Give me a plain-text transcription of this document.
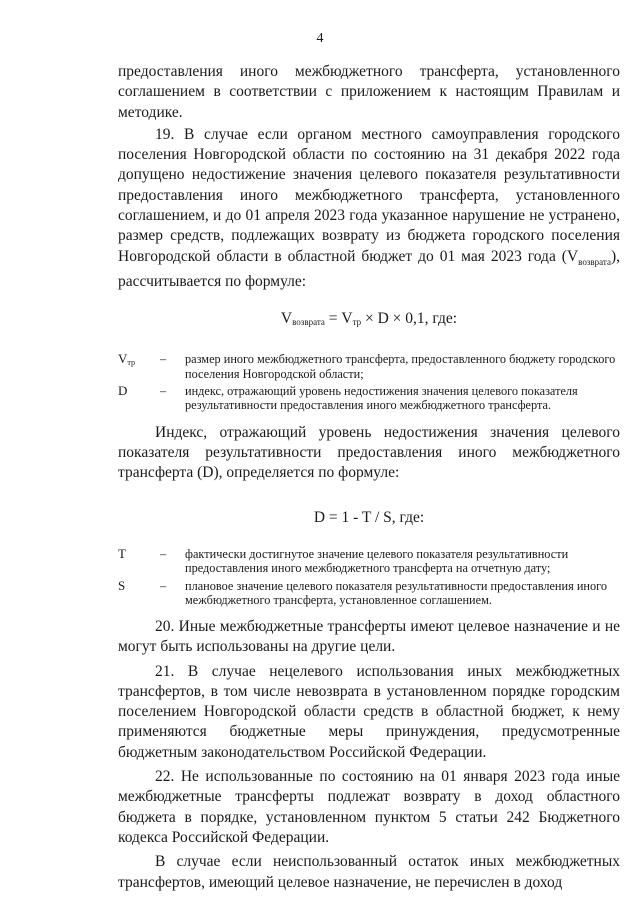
4

предоставления иного межбюджетного трансферта, установленного соглашением в соответствии с приложением к настоящим Правилам и методике.

19. В случае если органом местного самоуправления городского поселения Новгородской области по состоянию на 31 декабря 2022 года допущено недостижение значения целевого показателя результативности предоставления иного межбюджетного трансферта, установленного соглашением, и до 01 апреля 2023 года указанное нарушение не устранено, размер средств, подлежащих возврату из бюджета городского поселения Новгородской области в областной бюджет до 01 мая 2023 года $(V_{возврата})$, рассчитывается по формуле:

$V_{возврата} = V_{тр} \times D \times 0,1$, где:

$V_{тр}$	–	размер иного межбюджетного трансферта, предоставленного бюджету городского поселения Новгородской области;
D	–	индекс, отражающий уровень недостижения значения целевого показателя результативности предоставления иного межбюджетного трансферта.

Индекс, отражающий уровень недостижения значения целевого показателя результативности предоставления иного межбюджетного трансферта (D), определяется по формуле:

D = 1 - T / S, где:

T	–	фактически достигнутое значение целевого показателя результативности предоставления иного межбюджетного трансферта на отчетную дату;
S	–	плановое значение целевого показателя результативности предоставления иного межбюджетного трансферта, установленное соглашением.

20. Иные межбюджетные трансферты имеют целевое назначение и не могут быть использованы на другие цели.

21. В случае нецелевого использования иных межбюджетных трансфертов, в том числе невозврата в установленном порядке городским поселением Новгородской области средств в областной бюджет, к нему применяются бюджетные меры принуждения, предусмотренные бюджетным законодательством Российской Федерации.

22. Не использованные по состоянию на 01 января 2023 года иные межбюджетные трансферты подлежат возврату в доход областного бюджета в порядке, установленном пунктом 5 статьи 242 Бюджетного кодекса Российской Федерации.

В случае если неиспользованный остаток иных межбюджетных трансфертов, имеющий целевое назначение, не перечислен в доход
